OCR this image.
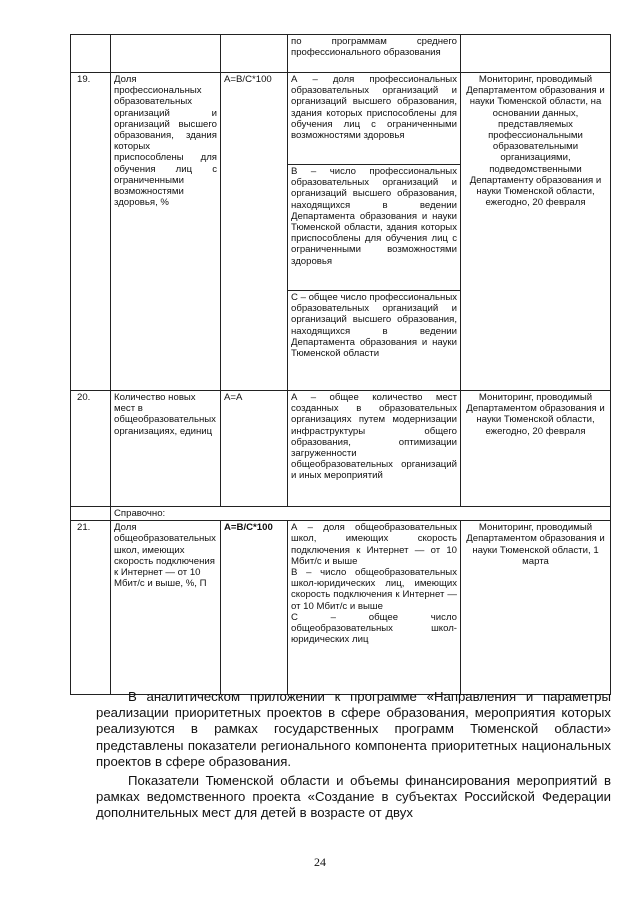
			по программам среднего профессионального образования	
19.	Доля профессиональных образовательных организаций и организаций высшего образования, здания которых приспособлены для обучения лиц с ограниченными возможностями здоровья, %	A=B/C*100	А – доля профессиональных образовательных организаций и организаций высшего образования, здания которых приспособлены для обучения лиц с ограниченными возможностями здоровья	Мониторинг, проводимый Департаментом образования и науки Тюменской области, на основании данных, представляемых профессиональными образовательными организациями, подведомственными Департаменту образования и науки Тюменской области, ежегодно, 20 февраля
			В – число профессиональных образовательных организаций и организаций высшего образования, находящихся в ведении Департамента образования и науки Тюменской области, здания которых приспособлены для обучения лиц с ограниченными возможностями здоровья	
			С – общее число профессиональных образовательных организаций и организаций высшего образования, находящихся в ведении Департамента образования и науки Тюменской области	
20.	Количество новых мест в общеобразовательных организациях, единиц	A=A	А – общее количество мест созданных в образовательных организациях путем модернизации инфраструктуры общего образования, оптимизации загруженности общеобразовательных организаций и иных мероприятий	Мониторинг, проводимый Департаментом образования и науки Тюменской области, ежегодно, 20 февраля
	Справочно:			
21.	Доля общеобразовательных школ, имеющих скорость подключения к Интернет — от 10 Мбит/с и выше, %, П	A=B/C*100	А – доля общеобразовательных школ, имеющих скорость подключения к Интернет — от 10 Мбит/с и выше
В – число общеобразовательных школ-юридических лиц, имеющих скорость подключения к Интернет — от 10 Мбит/с и выше
С – общее число общеобразовательных школ-юридических лиц	Мониторинг, проводимый Департаментом образования и науки Тюменской области, 1 марта

В аналитическом приложении к программе «Направления и параметры реализации приоритетных проектов в сфере образования, мероприятия которых реализуются в рамках государственных программ Тюменской области» представлены показатели регионального компонента приоритетных национальных проектов в сфере образования.

Показатели Тюменской области и объемы финансирования мероприятий в рамках ведомственного проекта «Создание в субъектах Российской Федерации дополнительных мест для детей в возрасте от двух

24
